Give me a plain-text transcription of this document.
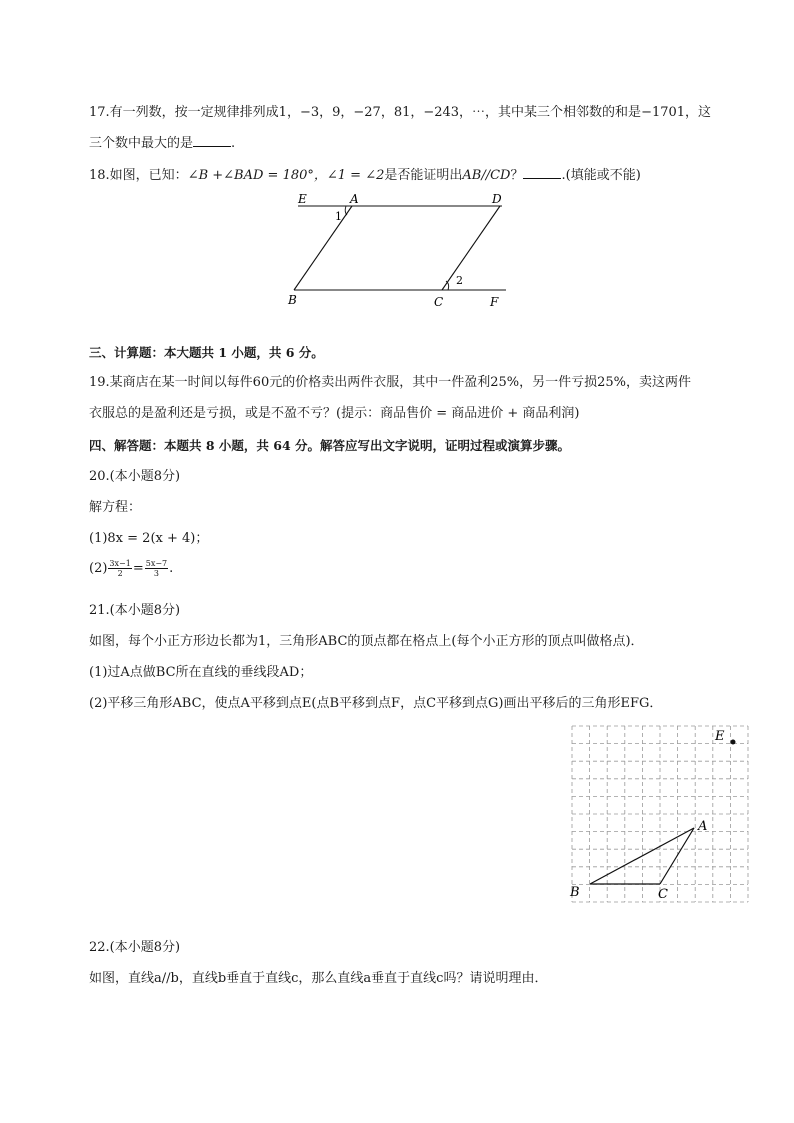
17.有一列数，按一定规律排列成1，−3，9，−27，81，−243，⋯，其中某三个相邻数的和是−1701，这
三个数中最大的是	.
18.如图，已知：∠B +∠BAD = 180°，∠1 = ∠2是否能证明出AB//CD？	.(填能或不能)
E	A	D
1
2
B	C	F
三、计算题：本大题共 1 小题，共 6 分。
19.某商店在某一时间以每件60元的价格卖出两件衣服，其中一件盈利25%，另一件亏损25%，卖这两件
衣服总的是盈利还是亏损，或是不盈不亏？(提示：商品售价 = 商品进价 + 商品利润)
四、解答题：本题共 8 小题，共 64 分。解答应写出文字说明，证明过程或演算步骤。
20.(本小题8分)
解方程：
(1)8x = 2(x + 4)；
$(2) \frac{3x-1}{2} = \frac{5x-7}{3}$ .
21.(本小题8分)
如图，每个小正方形边长都为1，三角形ABC的顶点都在格点上(每个小正方形的顶点叫做格点)．
(1)过A点做BC所在直线的垂线段AD；
(2)平移三角形ABC，使点A平移到点E(点B平移到点F，点C平移到点G)画出平移后的三角形EFG．
E
A
B	C
22.(本小题8分)
如图，直线a//b，直线b垂直于直线c，那么直线a垂直于直线c吗？请说明理由．
